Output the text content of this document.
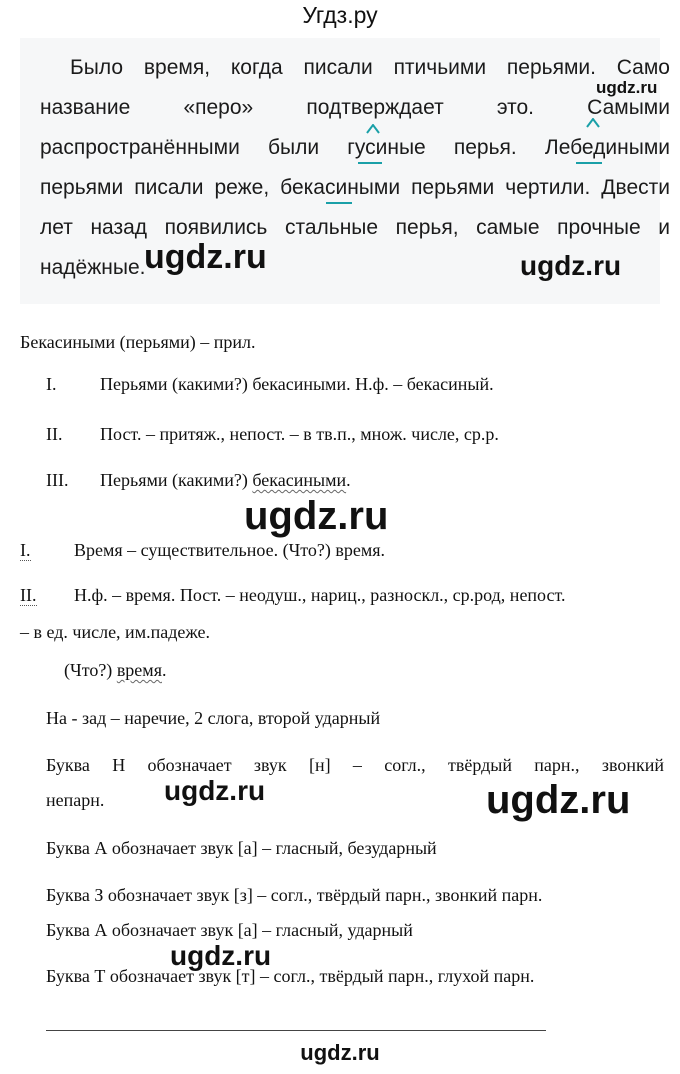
Угдз.ру
Было время, когда писали птичьими перьями. Само
ugdz.ru
название	«перо»	подтверждает	это.	Самыми
распространёнными были гусиные перья. Лебедиными
перьями писали реже, бекасиными перьями чертили. Двести
лет назад появились стальные перья, самые прочные и
надёжные.
ugdz.ru	ugdz.ru
Бекасиными (перьями) – прил.
I. Перьями (какими?) бекасиными. Н.ф. – бекасиный.
II. Пост. – притяж., непост. – в тв.п., множ. числе, ср.р.
III. Перьями (какими?) бекасиными.
ugdz.ru
I. Время – существительное. (Что?) время.
II. Н.ф. – время. Пост. – неодуш., нариц., разноскл., ср.род, непост.
– в ед. числе, им.падеже.
(Что?) время.
На - зад – наречие, 2 слога, второй ударный
Буква Н обозначает звук [н] – согл., твёрдый парн., звонкий
непарн. ugdz.ru	ugdz.ru
Буква А обозначает звук [а] – гласный, безударный
Буква З обозначает звук [з] – согл., твёрдый парн., звонкий парн.
Буква А обозначает звук [а] – гласный, ударный
ugdz.ru
Буква Т обозначает звук [т] – согл., твёрдый парн., глухой парн.
ugdz.ru
